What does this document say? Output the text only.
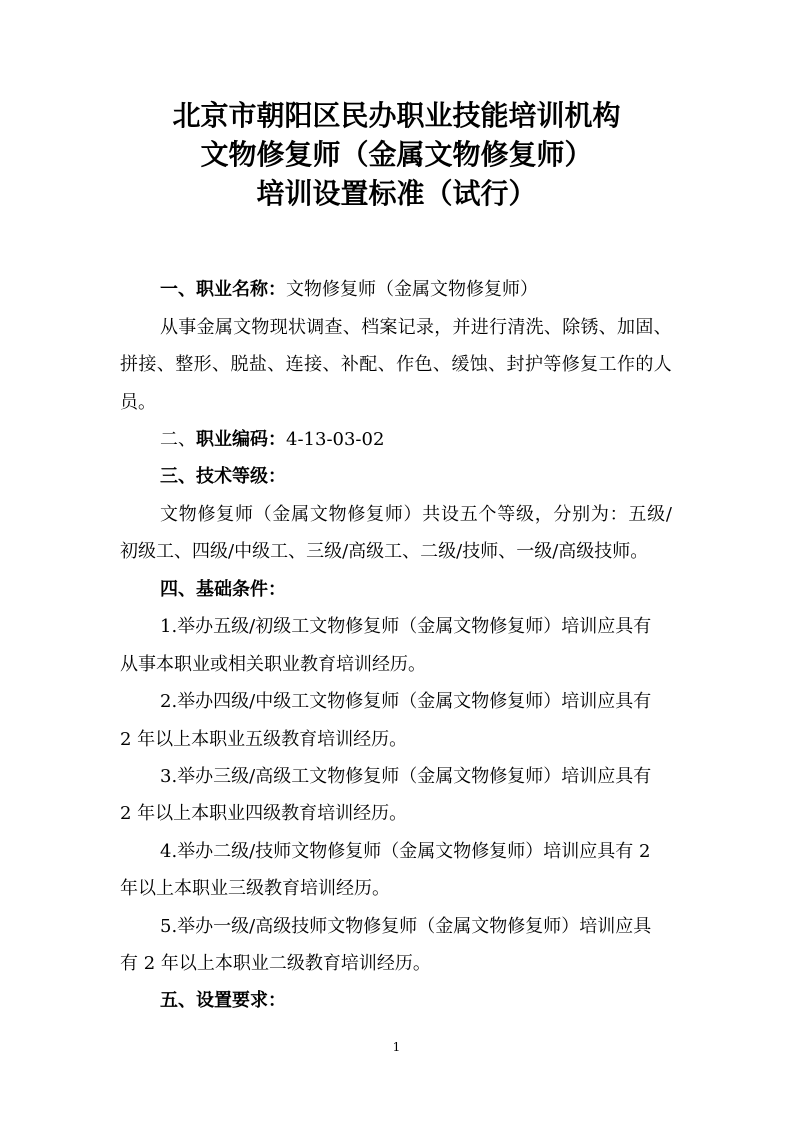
北京市朝阳区民办职业技能培训机构
文物修复师（金属文物修复师）
培训设置标准（试行）
一、职业名称：文物修复师（金属文物修复师）
从 事 金 属 文 物 现 状 调 查 、 档 案 记 录 ， 并 进 行 清 洗 、 除 锈 、 加 固 、
拼 接 、 整 形 、 脱 盐 、 连 接 、 补 配 、 作 色 、 缓 蚀 、 封 护 等 修 复 工 作 的 人
员。
二、职业编码：4-13-03-02
三、技术等级：
文 物 修 复 师 （ 金 属 文 物 修 复 师 ） 共 设 五 个 等 级 ， 分 别 为 ： 五 级 /
初级工、四级/中级工、三级/高级工、二级/技师、一级/高级技师。
四、基础条件：
1.举办五级/初级工文物修复师（金属文物修复师）培训应具有
从事本职业或相关职业教育培训经历。
2.举办四级/中级工文物修复师（金属文物修复师）培训应具有
2 年以上本职业五级教育培训经历。
3.举办三级/高级工文物修复师（金属文物修复师）培训应具有
2 年以上本职业四级教育培训经历。
4.举办二级/技师文物修复师（金属文物修复师）培训应具有 2
年以上本职业三级教育培训经历。
5.举办一级/高级技师文物修复师（金属文物修复师）培训应具
有 2 年以上本职业二级教育培训经历。
五、设置要求：
1
